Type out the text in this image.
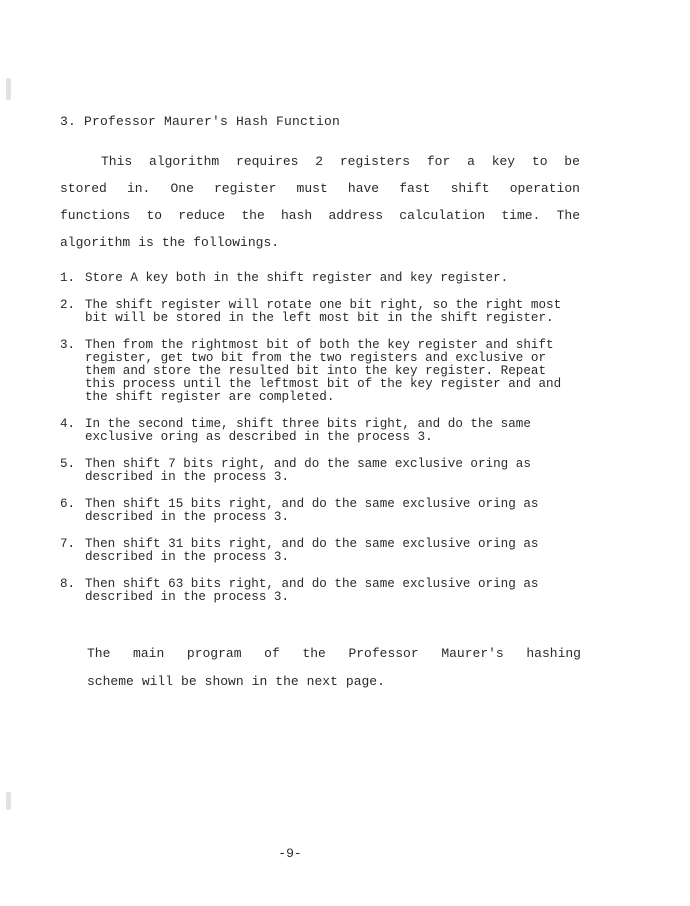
3. Professor Maurer's Hash Function
This algorithm requires 2 registers for a key to be
stored in. One register must have fast shift operation
functions to reduce the hash address calculation time. The
algorithm is the followings.
1. Store A key both in the shift register and key register.
2. The shift register will rotate one bit right, so the right most bit will be stored in the left most bit in the shift register.
3. Then from the rightmost bit of both the key register and shift register, get two bit from the two registers and exclusive or them and store the resulted bit into the key register. Repeat this process until the leftmost bit of the key register and and the shift register are completed.
4. In the second time, shift three bits right, and do the same exclusive oring as described in the process 3.
5. Then shift 7 bits right, and do the same exclusive oring as described in the process 3.
6. Then shift 15 bits right, and do the same exclusive oring as described in the process 3.
7. Then shift 31 bits right, and do the same exclusive oring as described in the process 3.
8. Then shift 63 bits right, and do the same exclusive oring as described in the process 3.
The main program of the Professor Maurer's hashing
scheme will be shown in the next page.
-9-
